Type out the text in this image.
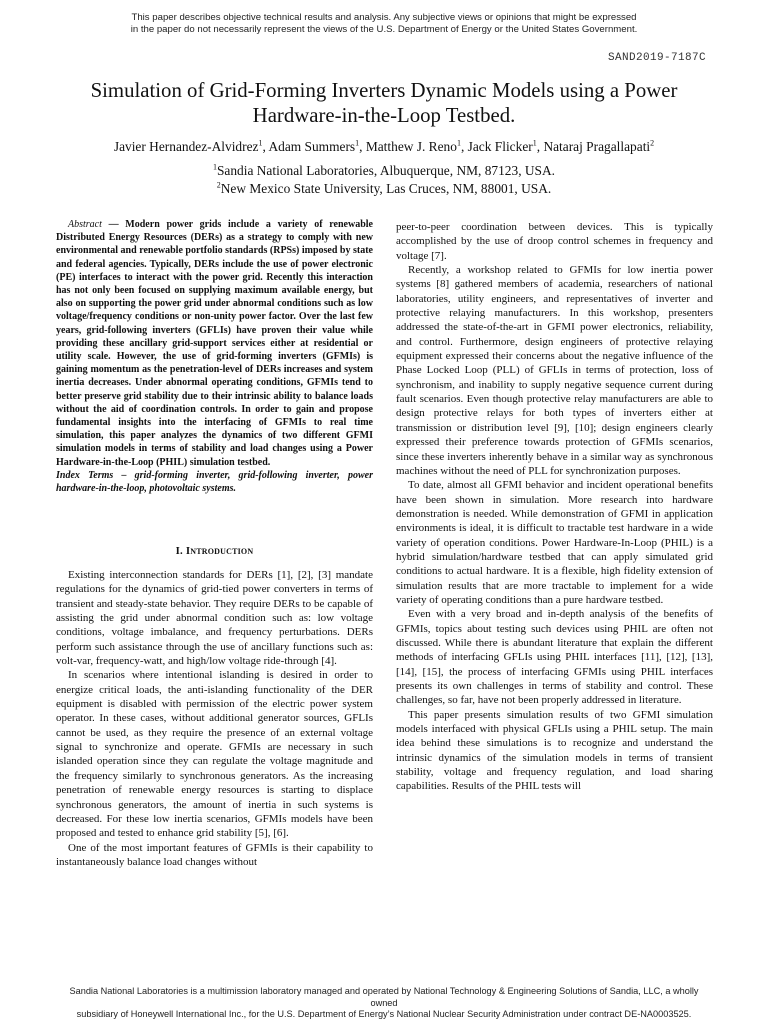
This paper describes objective technical results and analysis. Any subjective views or opinions that might be expressed
in the paper do not necessarily represent the views of the U.S. Department of Energy or the United States Government.
SAND2019-7187C
Simulation of Grid-Forming Inverters Dynamic Models using a Power
Hardware-in-the-Loop Testbed.
Javier Hernandez-Alvidrez$^1$, Adam Summers$^1$, Matthew J. Reno$^1$, Jack Flicker$^1$, Nataraj Pragallapati$^2$
$^1$Sandia National Laboratories, Albuquerque, NM, 87123, USA.
$^2$New Mexico State University, Las Cruces, NM, 88001, USA.

Abstract — Modern power grids include a variety of renewable Distributed Energy Resources (DERs) as a strategy to comply with new environmental and renewable portfolio standards (RPSs) imposed by state and federal agencies. Typically, DERs include the use of power electronic (PE) interfaces to interact with the power grid. Recently this interaction has not only been focused on supplying maximum available energy, but also on supporting the power grid under abnormal conditions such as low voltage/frequency conditions or non-unity power factor. Over the last few years, grid-following inverters (GFLIs) have proven their value while providing these ancillary grid-support services either at residential or utility scale. However, the use of grid-forming inverters (GFMIs) is gaining momentum as the penetration-level of DERs increases and system inertia decreases. Under abnormal operating conditions, GFMIs tend to better preserve grid stability due to their intrinsic ability to balance loads without the aid of coordination controls. In order to gain and propose fundamental insights into the interfacing of GFMIs to real time simulation, this paper analyzes the dynamics of two different GFMI simulation models in terms of stability and load changes using a Power Hardware-in-the-Loop (PHIL) simulation testbed.

Index Terms – grid-forming inverter, grid-following inverter, power hardware-in-the-loop, photovoltaic systems.

I. Introduction

Existing interconnection standards for DERs [1], [2], [3] mandate regulations for the dynamics of grid-tied power converters in terms of transient and steady-state behavior. They require DERs to be capable of assisting the grid under abnormal condition such as: low voltage conditions, voltage imbalance, and frequency perturbations. DERs perform such assistance through the use of ancillary functions such as: volt-var, frequency-watt, and high/low voltage ride-through [4].

In scenarios where intentional islanding is desired in order to energize critical loads, the anti-islanding functionality of the DER equipment is disabled with permission of the electric power system operator. In these cases, without additional generator sources, GFLIs cannot be used, as they require the presence of an external voltage signal to synchronize and operate. GFMIs are necessary in such islanded operation since they can regulate the voltage magnitude and the frequency similarly to synchronous generators. As the increasing penetration of renewable energy resources is starting to displace synchronous generators, the amount of inertia in such systems is decreased. For these low inertia scenarios, GFMIs models have been proposed and tested to enhance grid stability [5], [6].

One of the most important features of GFMIs is their capability to instantaneously balance load changes without

peer-to-peer coordination between devices. This is typically accomplished by the use of droop control schemes in frequency and voltage [7].

Recently, a workshop related to GFMIs for low inertia power systems [8] gathered members of academia, researchers of national laboratories, utility engineers, and representatives of inverter and protective relaying manufacturers. In this workshop, presenters addressed the state-of-the-art in GFMI power electronics, reliability, and control. Furthermore, design engineers of protective relaying equipment expressed their concerns about the negative influence of the Phase Locked Loop (PLL) of GFLIs in terms of protection, loss of synchronism, and inability to supply negative sequence current during fault scenarios. Even though protective relay manufacturers are able to design protective relays for both types of inverters either at transmission or distribution level [9], [10]; design engineers clearly expressed their preference towards protection of GFMIs scenarios, since these inverters inherently behave in a similar way as synchronous machines without the need of PLL for synchronization purposes.

To date, almost all GFMI behavior and incident operational benefits have been shown in simulation. More research into hardware demonstration is needed. While demonstration of GFMI in application environments is ideal, it is difficult to tractable test hardware in a wide variety of operation conditions. Power Hardware-In-Loop (PHIL) is a hybrid simulation/hardware testbed that can apply simulated grid conditions to actual hardware. It is a flexible, high fidelity extension of simulation results that are more tractable to implement for a wide variety of operating conditions than a pure hardware testbed.

Even with a very broad and in-depth analysis of the benefits of GFMIs, topics about testing such devices using PHIL are often not discussed. While there is abundant literature that explain the different methods of interfacing GFLIs using PHIL interfaces [11], [12], [13], [14], [15], the process of interfacing GFMIs using PHIL interfaces presents its own challenges in terms of stability and control. These challenges, so far, have not been properly addressed in literature.

This paper presents simulation results of two GFMI simulation models interfaced with physical GFLIs using a PHIL setup. The main idea behind these simulations is to recognize and understand the intrinsic dynamics of the simulation models in terms of transient stability, voltage and frequency regulation, and load sharing capabilities. Results of the PHIL tests will

Sandia National Laboratories is a multimission laboratory managed and operated by National Technology & Engineering Solutions of Sandia, LLC, a wholly owned
subsidiary of Honeywell International Inc., for the U.S. Department of Energy’s National Nuclear Security Administration under contract DE-NA0003525.
